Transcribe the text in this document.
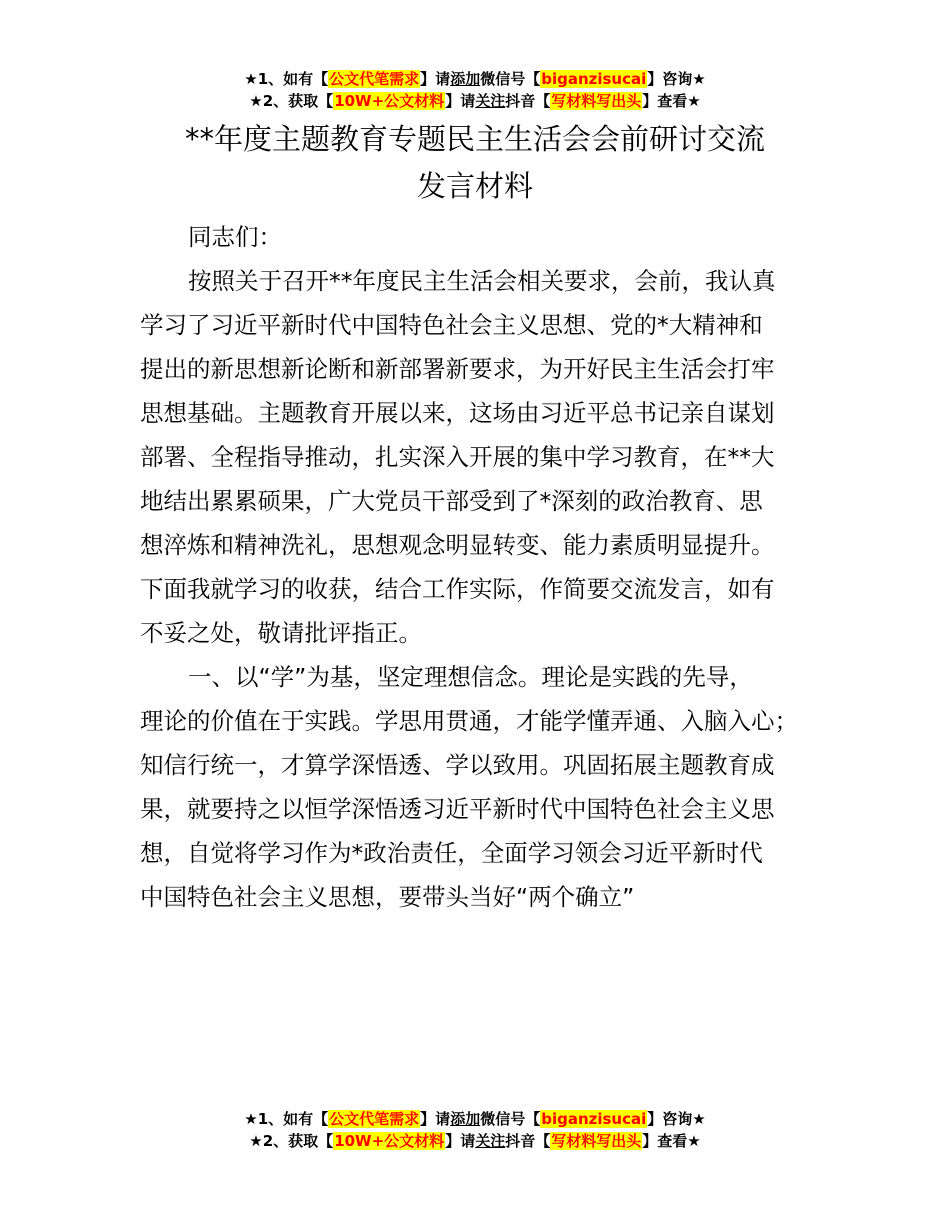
★1、如有【公文代笔需求】请添加微信号【biganzisucai】咨询★
★2、获取【10W+公文材料】请关注抖音【写材料写出头】查看★
**年度主题教育专题民主生活会会前研讨交流
发言材料
同志们：
按照关于召开**年度民主生活会相关要求，会前，我认真
学习了习近平新时代中国特色社会主义思想、党的*大精神和
提出的新思想新论断和新部署新要求，为开好民主生活会打牢
思想基础。主题教育开展以来，这场由习近平总书记亲自谋划
部署、全程指导推动，扎实深入开展的集中学习教育，在**大
地结出累累硕果，广大党员干部受到了*深刻的政治教育、思
想淬炼和精神洗礼，思想观念明显转变、能力素质明显提升。
下面我就学习的收获，结合工作实际，作简要交流发言，如有
不妥之处，敬请批评指正。
一、以“学”为基，坚定理想信念。理论是实践的先导，
理论的价值在于实践。学思用贯通，才能学懂弄通、入脑入心；
知信行统一，才算学深悟透、学以致用。巩固拓展主题教育成
果，就要持之以恒学深悟透习近平新时代中国特色社会主义思
想，自觉将学习作为*政治责任，全面学习领会习近平新时代
中国特色社会主义思想，要带头当好“两个确立”
★1、如有【公文代笔需求】请添加微信号【biganzisucai】咨询★
★2、获取【10W+公文材料】请关注抖音【写材料写出头】查看★
